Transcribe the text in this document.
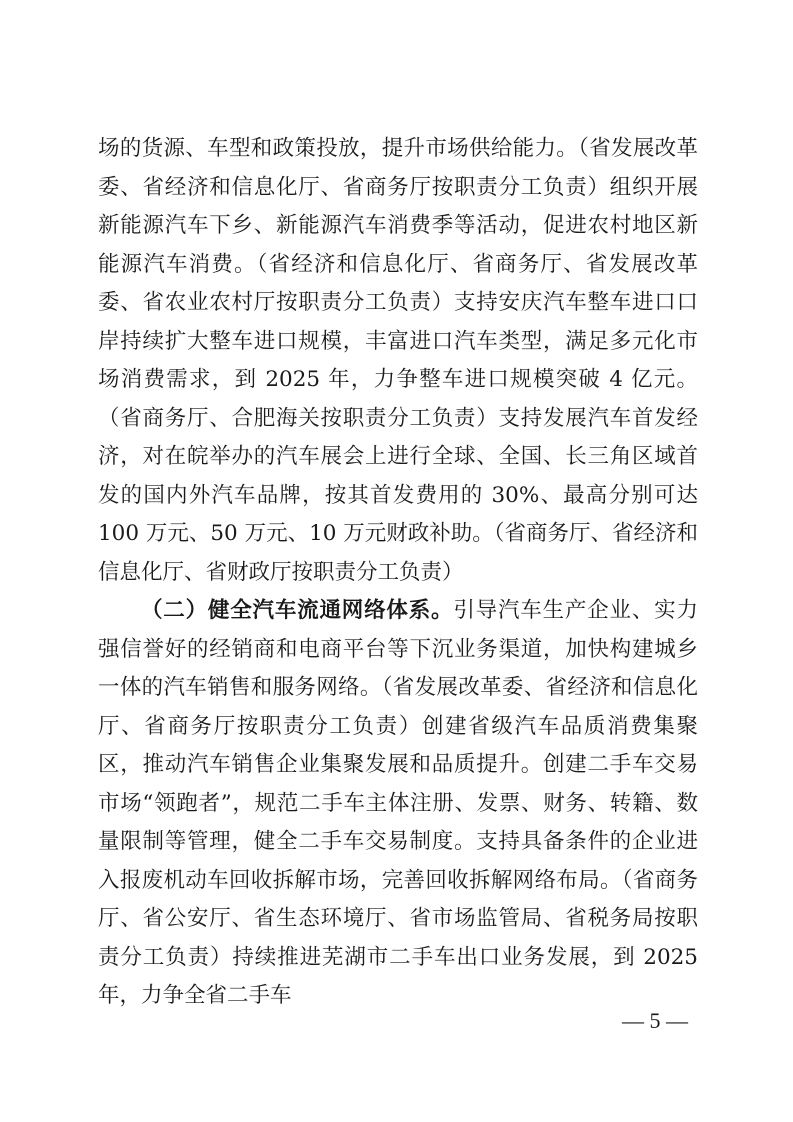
场的货源、车型和政策投放，提升市场供给能力。（省发展改革委、省经济和信息化厅、省商务厅按职责分工负责）组织开展新能源汽车下乡、新能源汽车消费季等活动，促进农村地区新能源汽车消费。（省经济和信息化厅、省商务厅、省发展改革委、省农业农村厅按职责分工负责）支持安庆汽车整车进口口岸持续扩大整车进口规模，丰富进口汽车类型，满足多元化市场消费需求，到 2025 年，力争整车进口规模突破 4 亿元。（省商务厅、合肥海关按职责分工负责）支持发展汽车首发经济，对在皖举办的汽车展会上进行全球、全国、长三角区域首发的国内外汽车品牌，按其首发费用的 30%、最高分别可达 100 万元、50 万元、10 万元财政补助。（省商务厅、省经济和信息化厅、省财政厅按职责分工负责）

（二）健全汽车流通网络体系。引导汽车生产企业、实力强信誉好的经销商和电商平台等下沉业务渠道，加快构建城乡一体的汽车销售和服务网络。（省发展改革委、省经济和信息化厅、省商务厅按职责分工负责）创建省级汽车品质消费集聚区，推动汽车销售企业集聚发展和品质提升。创建二手车交易市场“领跑者”，规范二手车主体注册、发票、财务、转籍、数量限制等管理，健全二手车交易制度。支持具备条件的企业进入报废机动车回收拆解市场，完善回收拆解网络布局。（省商务厅、省公安厅、省生态环境厅、省市场监管局、省税务局按职责分工负责）持续推进芜湖市二手车出口业务发展，到 2025 年，力争全省二手车

— 5 —
